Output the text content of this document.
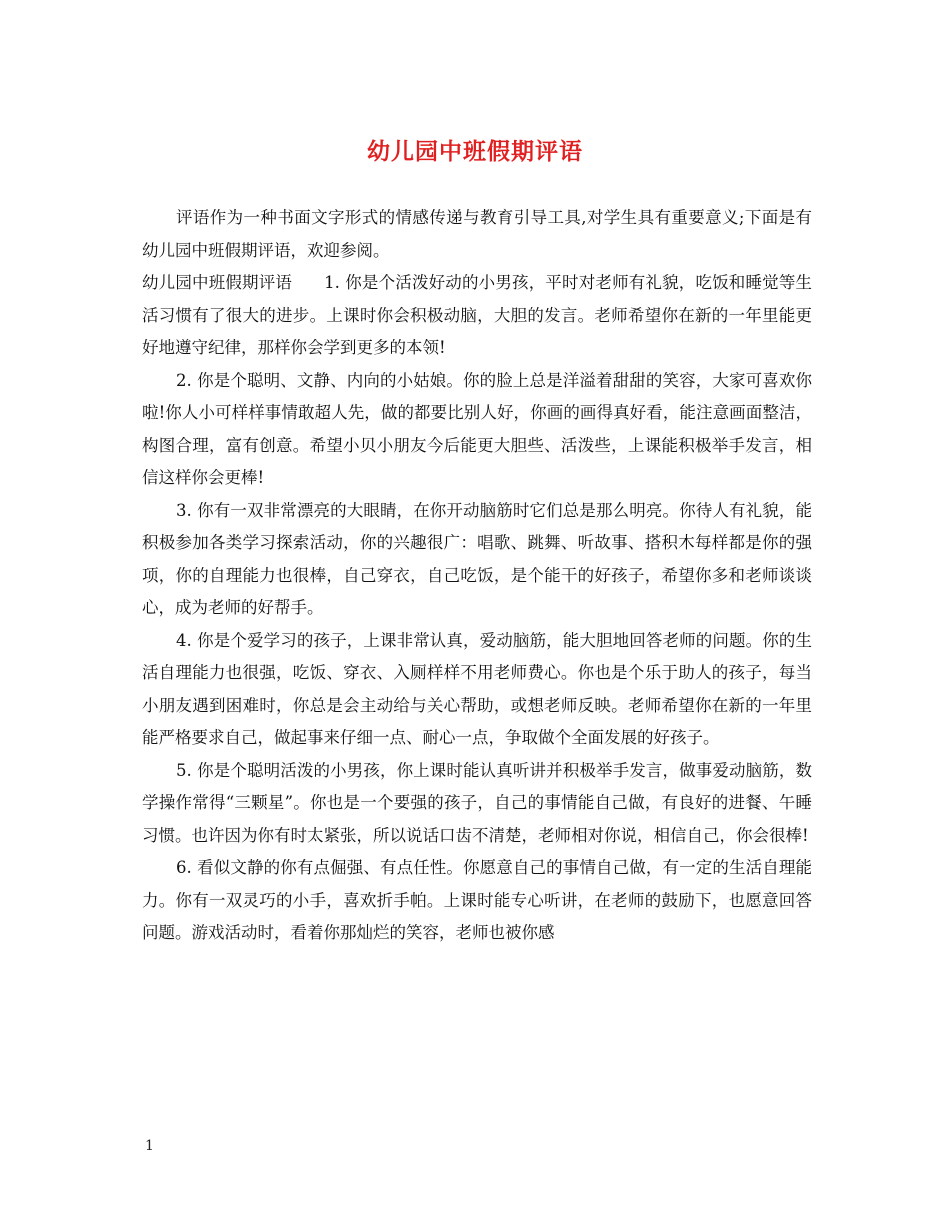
幼儿园中班假期评语

评语作为一种书面文字形式的情感传递与教育引导工具,对学生具有重要意义;下面是有幼儿园中班假期评语，欢迎参阅。

幼儿园中班假期评语 1. 你是个活泼好动的小男孩，平时对老师有礼貌，吃饭和睡觉等生活习惯有了很大的进步。上课时你会积极动脑，大胆的发言。老师希望你在新的一年里能更好地遵守纪律，那样你会学到更多的本领!

2. 你是个聪明、文静、内向的小姑娘。你的脸上总是洋溢着甜甜的笑容，大家可喜欢你啦!你人小可样样事情敢超人先，做的都要比别人好，你画的画得真好看，能注意画面整洁，构图合理，富有创意。希望小贝小朋友今后能更大胆些、活泼些，上课能积极举手发言，相信这样你会更棒!

3. 你有一双非常漂亮的大眼睛，在你开动脑筋时它们总是那么明亮。你待人有礼貌，能积极参加各类学习探索活动，你的兴趣很广：唱歌、跳舞、听故事、搭积木每样都是你的强项，你的自理能力也很棒，自己穿衣，自己吃饭，是个能干的好孩子，希望你多和老师谈谈心，成为老师的好帮手。

4. 你是个爱学习的孩子，上课非常认真，爱动脑筋，能大胆地回答老师的问题。你的生活自理能力也很强，吃饭、穿衣、入厕样样不用老师费心。你也是个乐于助人的孩子，每当小朋友遇到困难时，你总是会主动给与关心帮助，或想老师反映。老师希望你在新的一年里能严格要求自己，做起事来仔细一点、耐心一点，争取做个全面发展的好孩子。

5. 你是个聪明活泼的小男孩，你上课时能认真听讲并积极举手发言，做事爱动脑筋，数学操作常得“三颗星”。你也是一个要强的孩子，自己的事情能自己做，有良好的进餐、午睡习惯。也许因为你有时太紧张，所以说话口齿不清楚，老师相对你说，相信自己，你会很棒!

6. 看似文静的你有点倔强、有点任性。你愿意自己的事情自己做，有一定的生活自理能力。你有一双灵巧的小手，喜欢折手帕。上课时能专心听讲，在老师的鼓励下，也愿意回答问题。游戏活动时，看着你那灿烂的笑容，老师也被你感

1
